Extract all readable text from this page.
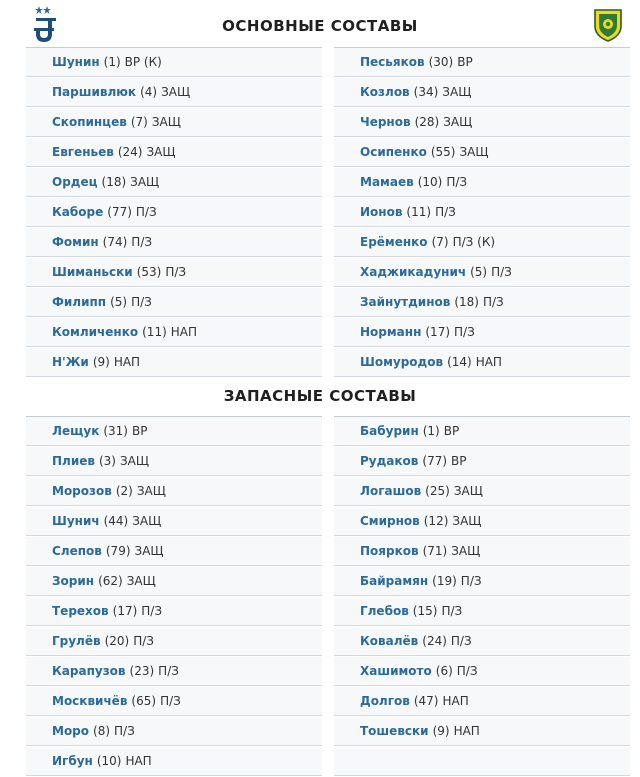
ОСНОВНЫЕ СОСТАВЫ
Шунин (1) ВР (К)
Паршивлюк (4) ЗАЩ
Скопинцев (7) ЗАЩ
Евгеньев (24) ЗАЩ
Ордец (18) ЗАЩ
Каборе (77) П/З
Фомин (74) П/З
Шиманьски (53) П/З
Филипп (5) П/З
Комличенко (11) НАП
Н'Жи (9) НАП
Песьяков (30) ВР
Козлов (34) ЗАЩ
Чернов (28) ЗАЩ
Осипенко (55) ЗАЩ
Мамаев (10) П/З
Ионов (11) П/З
Ерёменко (7) П/З (К)
Хаджикадунич (5) П/З
Зайнутдинов (18) П/З
Норманн (17) П/З
Шомуродов (14) НАП
ЗАПАСНЫЕ СОСТАВЫ
Лещук (31) ВР
Плиев (3) ЗАЩ
Морозов (2) ЗАЩ
Шунич (44) ЗАЩ
Слепов (79) ЗАЩ
Зорин (62) ЗАЩ
Терехов (17) П/З
Грулёв (20) П/З
Карапузов (23) П/З
Москвичёв (65) П/З
Моро (8) П/З
Игбун (10) НАП
Бабурин (1) ВР
Рудаков (77) ВР
Логашов (25) ЗАЩ
Смирнов (12) ЗАЩ
Поярков (71) ЗАЩ
Байрамян (19) П/З
Глебов (15) П/З
Ковалёв (24) П/З
Хашимото (6) П/З
Долгов (47) НАП
Тошевски (9) НАП
